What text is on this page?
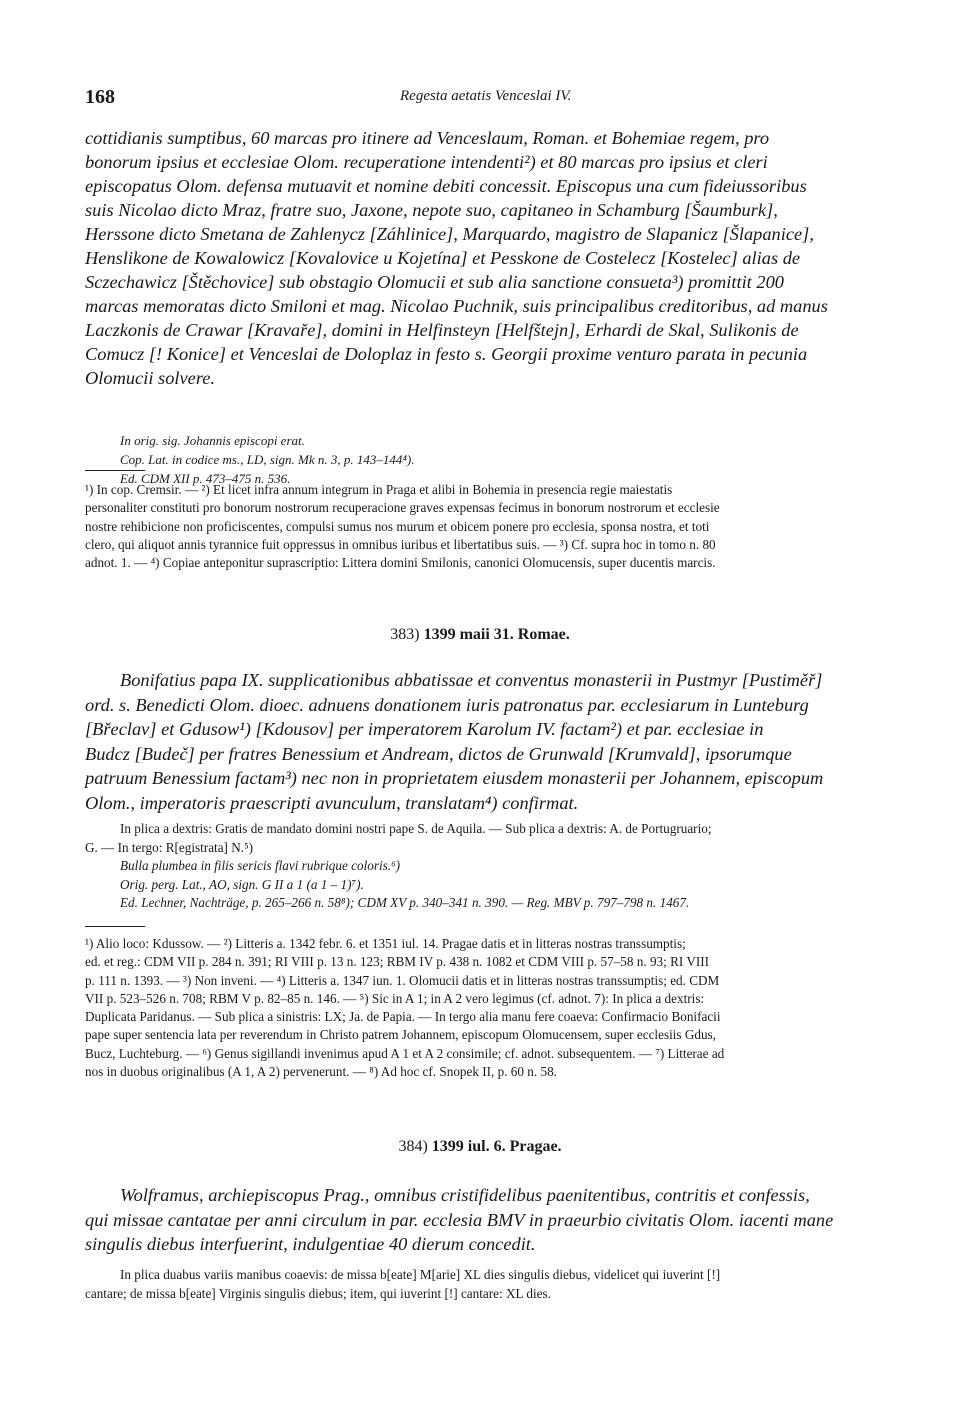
168	Regesta aetatis Venceslai IV.
cottidianis sumptibus, 60 marcas pro itinere ad Venceslaum, Roman. et Bohemiae regem, pro
bonorum ipsius et ecclesiae Olom. recuperatione intendenti²) et 80 marcas pro ipsius et cleri
episcopatus Olom. defensa mutuavit et nomine debiti concessit. Episcopus una cum fideiussoribus
suis Nicolao dicto Mraz, fratre suo, Jaxone, nepote suo, capitaneo in Schamburg [Šaumburk],
Herssone dicto Smetana de Zahlenycz [Záhlinice], Marquardo, magistro de Slapanicz [Šlapanice],
Henslikone de Kowalowicz [Kovalovice u Kojetína] et Pesskone de Costelecz [Kostelec] alias de
Sczechawicz [Štěchovice] sub obstagio Olomucii et sub alia sanctione consueta³) promittit 200
marcas memoratas dicto Smiloni et mag. Nicolao Puchnik, suis principalibus creditoribus, ad manus
Laczkonis de Crawar [Kravaře], domini in Helfinsteyn [Helfštejn], Erhardi de Skal, Sulikonis de
Comucz [! Konice] et Venceslai de Doloplaz in festo s. Georgii proxime venturo parata in pecunia
Olomucii solvere.
In orig. sig. Johannis episcopi erat.
Cop. Lat. in codice ms., LD, sign. Mk n. 3, p. 143–144⁴).
Ed. CDM XII p. 473–475 n. 536.
¹) In cop. Cremsir. — ²) Et licet infra annum integrum in Praga et alibi in Bohemia in presencia regie maiestatis
personaliter constituti pro bonorum nostrorum recuperacione graves expensas fecimus in bonorum nostrorum et ecclesie
nostre rehibicione non proficiscentes, compulsi sumus nos murum et obicem ponere pro ecclesia, sponsa nostra, et toti
clero, qui aliquot annis tyrannice fuit oppressus in omnibus iuribus et libertatibus suis. — ³) Cf. supra hoc in tomo n. 80
adnot. 1. — ⁴) Copiae anteponitur suprascriptio: Littera domini Smilonis, canonici Olomucensis, super ducentis marcis.
383) 1399 maii 31. Romae.
Bonifatius papa IX. supplicationibus abbatissae et conventus monasterii in Pustmyr [Pustiměř]
ord. s. Benedicti Olom. dioec. adnuens donationem iuris patronatus par. ecclesiarum in Lunteburg
[Břeclav] et Gdusow¹) [Kdousov] per imperatorem Karolum IV. factam²) et par. ecclesiae in
Budcz [Budeč] per fratres Benessium et Andream, dictos de Grunwald [Krumvald], ipsorumque
patruum Benessium factam³) nec non in proprietatem eiusdem monasterii per Johannem, episcopum
Olom., imperatoris praescripti avunculum, translatam⁴) confirmat.
In plica a dextris: Gratis de mandato domini nostri pape S. de Aquila. — Sub plica a dextris: A. de Portugruario;
G. — In tergo: R[egistrata] N.⁵)
Bulla plumbea in filis sericis flavi rubrique coloris.⁶)
Orig. perg. Lat., AO, sign. G II a 1 (a 1 – 1)⁷).
Ed. Lechner, Nachträge, p. 265–266 n. 58⁸); CDM XV p. 340–341 n. 390. — Reg. MBV p. 797–798 n. 1467.
¹) Alio loco: Kdussow. — ²) Litteris a. 1342 febr. 6. et 1351 iul. 14. Pragae datis et in litteras nostras transsumptis;
ed. et reg.: CDM VII p. 284 n. 391; RI VIII p. 13 n. 123; RBM IV p. 438 n. 1082 et CDM VIII p. 57–58 n. 93; RI VIII
p. 111 n. 1393. — ³) Non inveni. — ⁴) Litteris a. 1347 iun. 1. Olomucii datis et in litteras nostras transsumptis; ed. CDM
VII p. 523–526 n. 708; RBM V p. 82–85 n. 146. — ⁵) Sic in A 1; in A 2 vero legimus (cf. adnot. 7): In plica a dextris:
Duplicata Paridanus. — Sub plica a sinistris: LX; Ja. de Papia. — In tergo alia manu fere coaeva: Confirmacio Bonifacii
pape super sentencia lata per reverendum in Christo patrem Johannem, episcopum Olomucensem, super ecclesiis Gdus,
Bucz, Luchteburg. — ⁶) Genus sigillandi invenimus apud A 1 et A 2 consimile; cf. adnot. subsequentem. — ⁷) Litterae ad
nos in duobus originalibus (A 1, A 2) pervenerunt. — ⁸) Ad hoc cf. Snopek II, p. 60 n. 58.
384) 1399 iul. 6. Pragae.
Wolframus, archiepiscopus Prag., omnibus cristifidelibus paenitentibus, contritis et confessis,
qui missae cantatae per anni circulum in par. ecclesia BMV in praeurbio civitatis Olom. iacenti mane
singulis diebus interfuerint, indulgentiae 40 dierum concedit.
In plica duabus variis manibus coaevis: de missa b[eate] M[arie] XL dies singulis diebus, videlicet qui iuverint [!]
cantare; de missa b[eate] Virginis singulis diebus; item, qui iuverint [!] cantare: XL dies.
